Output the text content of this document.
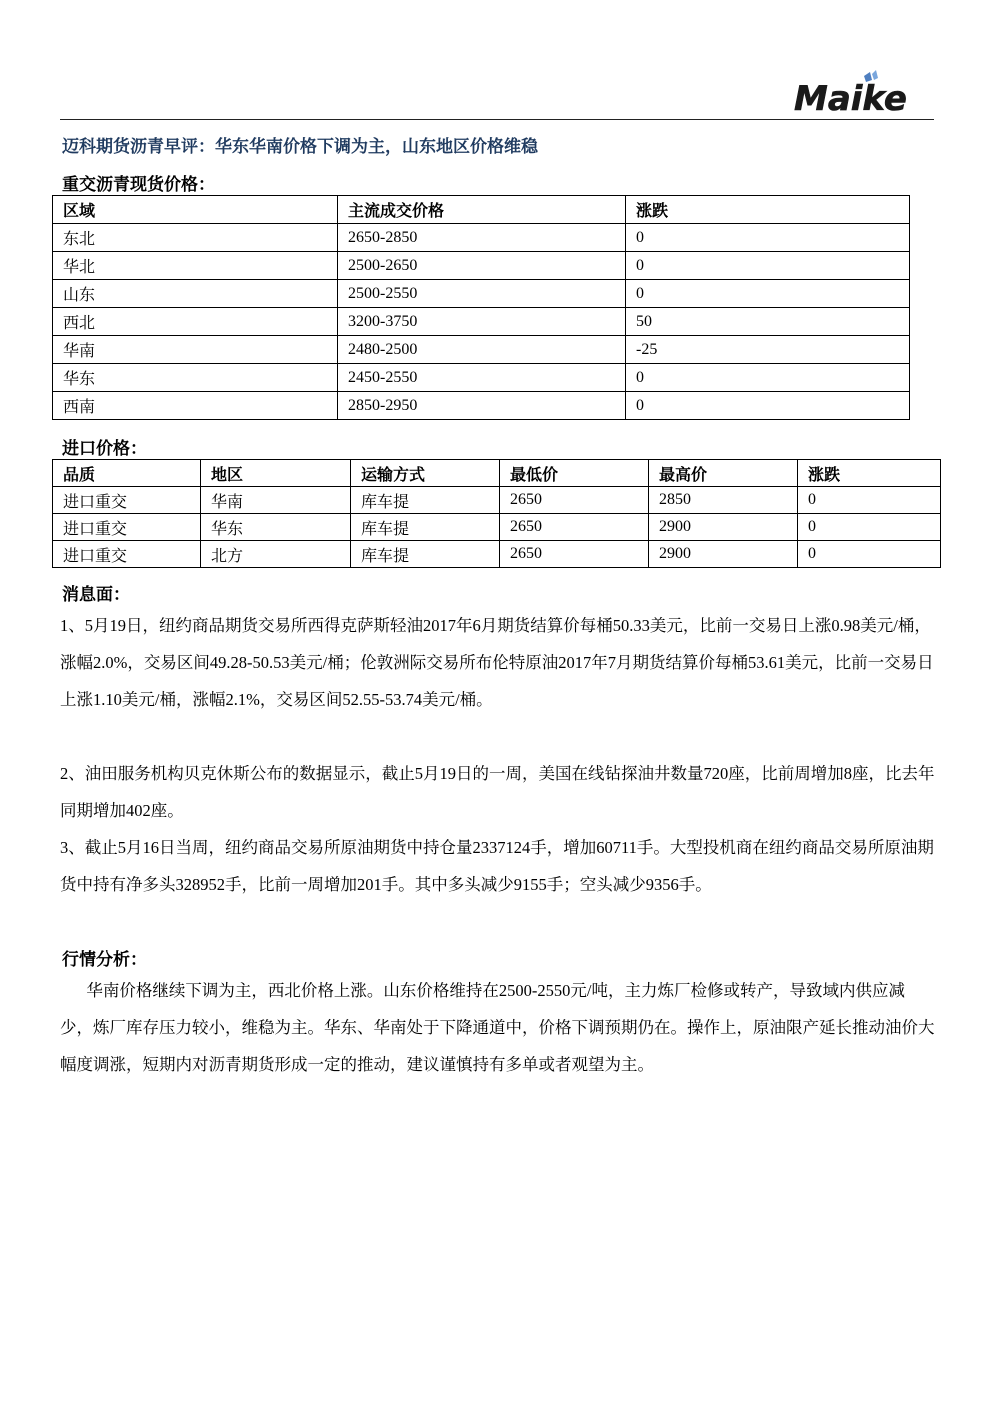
Maike
迈科期货沥青早评：华东华南价格下调为主，山东地区价格维稳
重交沥青现货价格：
区域	主流成交价格	涨跌
东北	2650-2850	0
华北	2500-2650	0
山东	2500-2550	0
西北	3200-3750	50
华南	2480-2500	-25
华东	2450-2550	0
西南	2850-2950	0
进口价格：
品质	地区	运输方式	最低价	最高价	涨跌
进口重交	华南	库车提	2650	2850	0
进口重交	华东	库车提	2650	2900	0
进口重交	北方	库车提	2650	2900	0
消息面：

1、5月19日，纽约商品期货交易所西得克萨斯轻油2017年6月期货结算价每桶50.33美元，比前一交易日上涨0.98美元/桶，涨幅2.0%，交易区间49.28-50.53美元/桶；伦敦洲际交易所布伦特原油2017年7月期货结算价每桶53.61美元，比前一交易日上涨1.10美元/桶，涨幅2.1%，交易区间52.55-53.74美元/桶。

2、油田服务机构贝克休斯公布的数据显示，截止5月19日的一周，美国在线钻探油井数量720座，比前周增加8座，比去年同期增加402座。

3、截止5月16日当周，纽约商品交易所原油期货中持仓量2337124手，增加60711手。大型投机商在纽约商品交易所原油期货中持有净多头328952手，比前一周增加201手。其中多头减少9155手；空头减少9356手。

行情分析：

华南价格继续下调为主，西北价格上涨。山东价格维持在2500-2550元/吨，主力炼厂检修或转产，导致域内供应减少，炼厂库存压力较小，维稳为主。华东、华南处于下降通道中，价格下调预期仍在。操作上，原油限产延长推动油价大幅度调涨，短期内对沥青期货形成一定的推动，建议谨慎持有多单或者观望为主。
